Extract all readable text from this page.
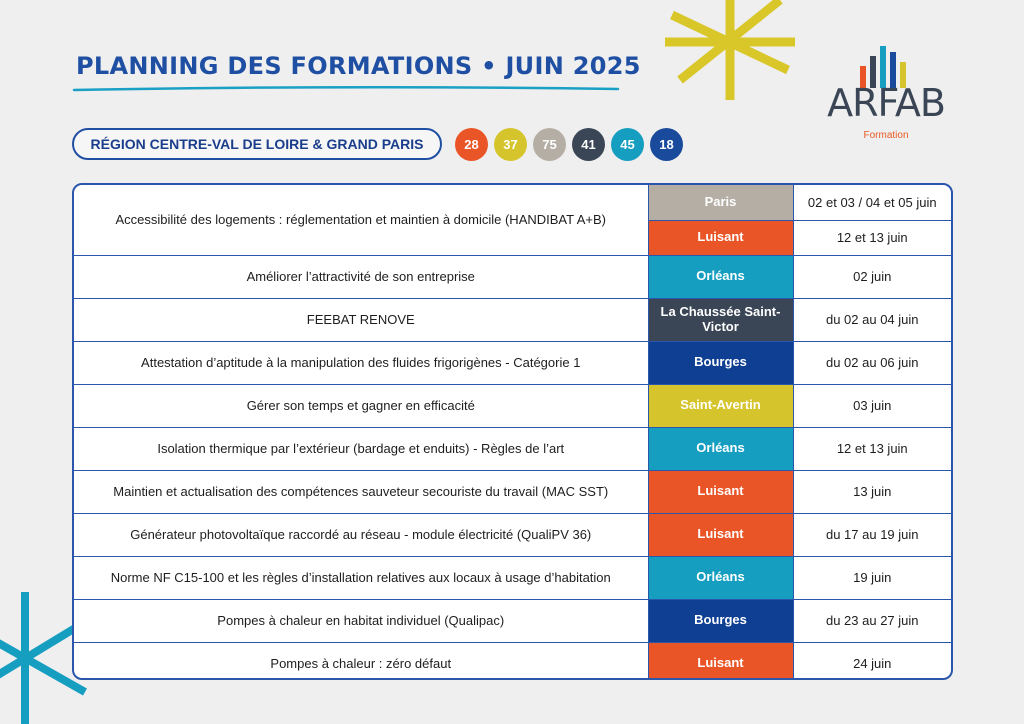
PLANNING DES FORMATIONS • JUIN 2025
RÉGION CENTRE-VAL DE LOIRE & GRAND PARIS	28	37	75	41	45	18
ARFAB
Formation
Accessibilité des logements : réglementation et maintien à domicile (HANDIBAT A+B)	Paris	02 et 03 / 04 et 05 juin
	Luisant	12 et 13 juin
Améliorer l’attractivité de son entreprise	Orléans	02 juin
FEEBAT RENOVE	La Chaussée Saint-Victor	du 02 au 04 juin
Attestation d’aptitude à la manipulation des fluides frigorigènes - Catégorie 1	Bourges	du 02 au 06 juin
Gérer son temps et gagner en efficacité	Saint-Avertin	03 juin
Isolation thermique par l’extérieur (bardage et enduits) - Règles de l’art	Orléans	12 et 13 juin
Maintien et actualisation des compétences sauveteur secouriste du travail (MAC SST)	Luisant	13 juin
Générateur photovoltaïque raccordé au réseau - module électricité (QualiPV 36)	Luisant	du 17 au 19 juin
Norme NF C15-100 et les règles d’installation relatives aux locaux à usage d’habitation	Orléans	19 juin
Pompes à chaleur en habitat individuel (Qualipac)	Bourges	du 23 au 27 juin
Pompes à chaleur : zéro défaut	Luisant	24 juin
